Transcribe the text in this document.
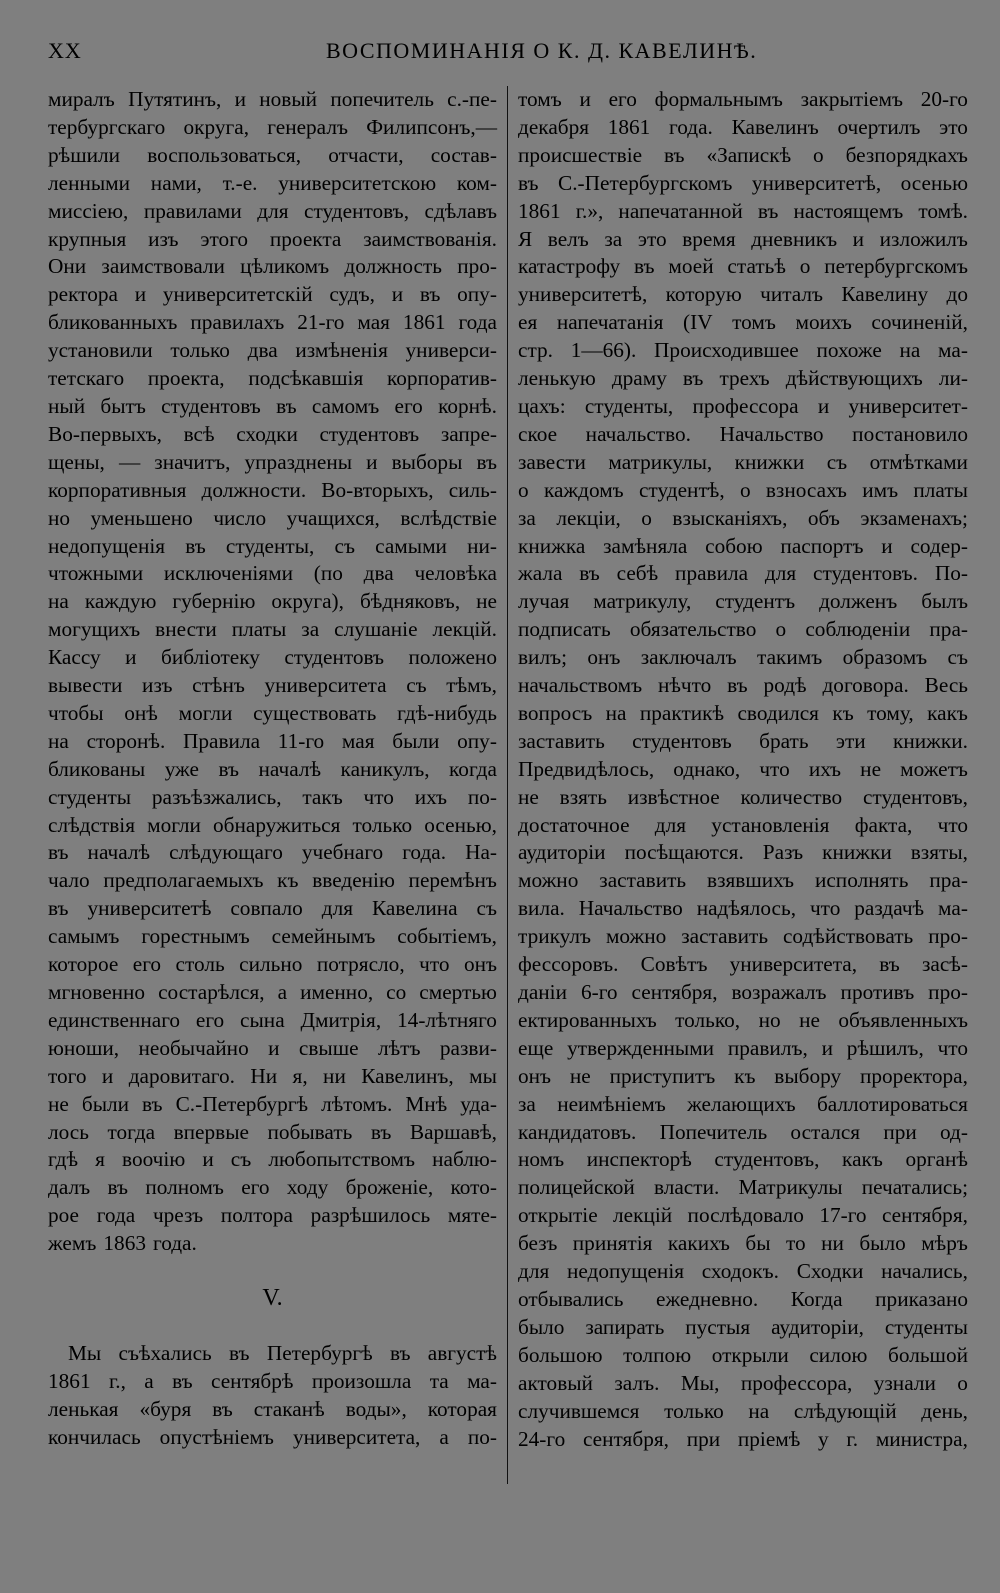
XX	ВОСПОМИНАНIЯ О К. Д. КАВЕЛИНѢ.
миралъ Путятинъ, и новый попечитель с.-пе-
тербургскаго округа, генералъ Филипсонъ,—
рѣшили воспользоваться, отчасти, состав-
ленными нами, т.-е. университетскою ком-
миссiею, правилами для студентовъ, сдѣлавъ
крупныя изъ этого проекта заимствованiя.
Они заимствовали цѣликомъ должность про-
ректора и университетскiй судъ, и въ опу-
бликованныхъ правилахъ 21-го мая 1861 года
установили только два измѣненiя универси-
тетскаго проекта, подсѣкавшiя корпоратив-
ный бытъ студентовъ въ самомъ его корнѣ.
Во-первыхъ, всѣ сходки студентовъ запре-
щены, — значитъ, упразднены и выборы въ
корпоративныя должности. Во-вторыхъ, силь-
но уменьшено число учащихся, вслѣдствiе
недопущенiя въ студенты, съ самыми ни-
чтожными исключенiями (по два человѣка
на каждую губернiю округа), бѣдняковъ, не
могущихъ внести платы за слушанiе лекцiй.
Кассу и библiотеку студентовъ положено
вывести изъ стѣнъ университета съ тѣмъ,
чтобы онѣ могли существовать гдѣ-нибудь
на сторонѣ. Правила 11-го мая были опу-
бликованы уже въ началѣ каникулъ, когда
студенты разъѣзжались, такъ что ихъ по-
слѣдствiя могли обнаружиться только осенью,
въ началѣ слѣдующаго учебнаго года. На-
чало предполагаемыхъ къ введенiю перемѣнъ
въ университетѣ совпало для Кавелина съ
самымъ горестнымъ семейнымъ событiемъ,
которое его столь сильно потрясло, что онъ
мгновенно состарѣлся, а именно, со смертью
единственнаго его сына Дмитрiя, 14-лѣтняго
юноши, необычайно и свыше лѣтъ разви-
того и даровитаго. Ни я, ни Кавелинъ, мы
не были въ С.-Петербургѣ лѣтомъ. Мнѣ уда-
лось тогда впервые побывать въ Варшавѣ,
гдѣ я воочiю и съ любопытствомъ наблю-
далъ въ полномъ его ходу броженiе, кото-
рое года чрезъ полтора разрѣшилось мяте-
жемъ 1863 года.
V.
Мы съѣхались въ Петербургѣ въ августѣ
1861 г., а въ сентябрѣ произошла та ма-
ленькая «буря въ стаканѣ воды», которая
кончилась опустѣнiемъ университета, а по-
томъ и его формальнымъ закрытiемъ 20-го
декабря 1861 года. Кавелинъ очертилъ это
происшествiе въ «Запискѣ о безпорядкахъ
въ С.-Петербургскомъ университетѣ, осенью
1861 г.», напечатанной въ настоящемъ томѣ.
Я велъ за это время дневникъ и изложилъ
катастрофу въ моей статьѣ о петербургскомъ
университетѣ, которую читалъ Кавелину до
ея напечатанiя (IV томъ моихъ сочиненiй,
стр. 1—66). Происходившее похоже на ма-
ленькую драму въ трехъ дѣйствующихъ ли-
цахъ: студенты, профессора и университет-
ское начальство. Начальство постановило
завести матрикулы, книжки съ отмѣтками
о каждомъ студентѣ, о взносахъ имъ платы
за лекцiи, о взысканiяхъ, объ экзаменахъ;
книжка замѣняла собою паспортъ и содер-
жала въ себѣ правила для студентовъ. По-
лучая матрикулу, студентъ долженъ былъ
подписать обязательство о соблюденiи пра-
вилъ; онъ заключалъ такимъ образомъ съ
начальствомъ нѣчто въ родѣ договора. Весь
вопросъ на практикѣ сводился къ тому, какъ
заставить студентовъ брать эти книжки.
Предвидѣлось, однако, что ихъ не можетъ
не взять извѣстное количество студентовъ,
достаточное для установленiя факта, что
аудиторiи посѣщаются. Разъ книжки взяты,
можно заставить взявшихъ исполнять пра-
вила. Начальство надѣялось, что раздачѣ ма-
трикулъ можно заставить содѣйствовать про-
фессоровъ. Совѣтъ университета, въ засѣ-
данiи 6-го сентября, возражалъ противъ про-
ектированныхъ только, но не объявленныхъ
еще утвержденными правилъ, и рѣшилъ, что
онъ не приступитъ къ выбору проректора,
за неимѣнiемъ желающихъ баллотироваться
кандидатовъ. Попечитель остался при од-
номъ инспекторѣ студентовъ, какъ органѣ
полицейской власти. Матрикулы печатались;
открытiе лекцiй послѣдовало 17-го сентября,
безъ принятiя какихъ бы то ни было мѣръ
для недопущенiя сходокъ. Сходки начались,
отбывались ежедневно. Когда приказано
было запирать пустыя аудиторiи, студенты
большою толпою открыли силою большой
актовый залъ. Мы, профессора, узнали о
случившемся только на слѣдующiй день,
24-го сентября, при прiемѣ у г. министра,
